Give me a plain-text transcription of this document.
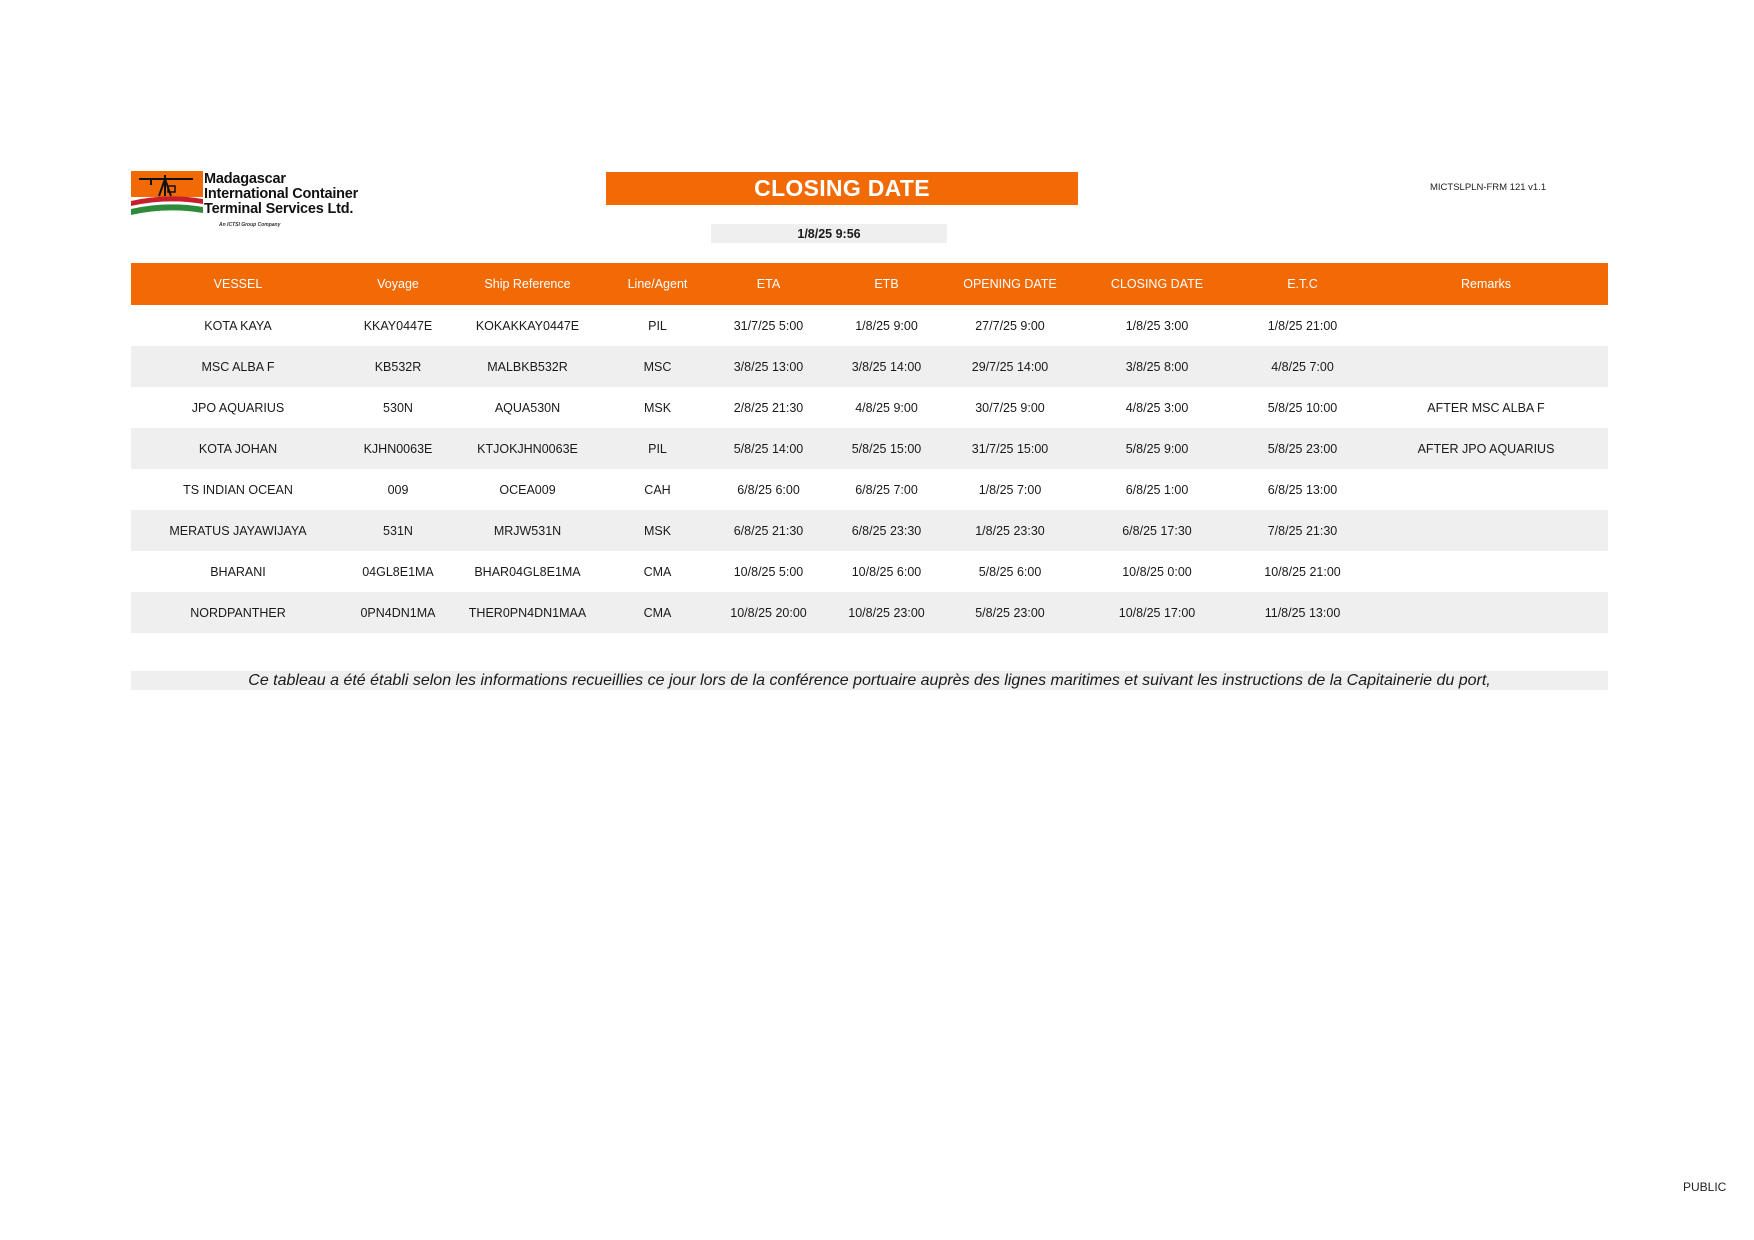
Madagascar
International Container
Terminal Services Ltd.
An ICTSI Group Company
CLOSING DATE	MICTSLPLN-FRM 121 v1.1
1/8/25 9:56
VESSEL	Voyage	Ship Reference	Line/Agent	ETA	ETB	OPENING DATE	CLOSING DATE	E.T.C	Remarks
KOTA KAYA	KKAY0447E	KOKAKKAY0447E	PIL	31/7/25 5:00	1/8/25 9:00	27/7/25 9:00	1/8/25 3:00	1/8/25 21:00
MSC ALBA F	KB532R	MALBKB532R	MSC	3/8/25 13:00	3/8/25 14:00	29/7/25 14:00	3/8/25 8:00	4/8/25 7:00
JPO AQUARIUS	530N	AQUA530N	MSK	2/8/25 21:30	4/8/25 9:00	30/7/25 9:00	4/8/25 3:00	5/8/25 10:00	AFTER MSC ALBA F
KOTA JOHAN	KJHN0063E	KTJOKJHN0063E	PIL	5/8/25 14:00	5/8/25 15:00	31/7/25 15:00	5/8/25 9:00	5/8/25 23:00	AFTER JPO AQUARIUS
TS INDIAN OCEAN	009	OCEA009	CAH	6/8/25 6:00	6/8/25 7:00	1/8/25 7:00	6/8/25 1:00	6/8/25 13:00
MERATUS JAYAWIJAYA	531N	MRJW531N	MSK	6/8/25 21:30	6/8/25 23:30	1/8/25 23:30	6/8/25 17:30	7/8/25 21:30
BHARANI	04GL8E1MA	BHAR04GL8E1MA	CMA	10/8/25 5:00	10/8/25 6:00	5/8/25 6:00	10/8/25 0:00	10/8/25 21:00
NORDPANTHER	0PN4DN1MA	THER0PN4DN1MAA	CMA	10/8/25 20:00	10/8/25 23:00	5/8/25 23:00	10/8/25 17:00	11/8/25 13:00
Ce tableau a été établi selon les informations recueillies ce jour lors de la conférence portuaire auprès des lignes maritimes et suivant les instructions de la Capitainerie du port,
PUBLIC
